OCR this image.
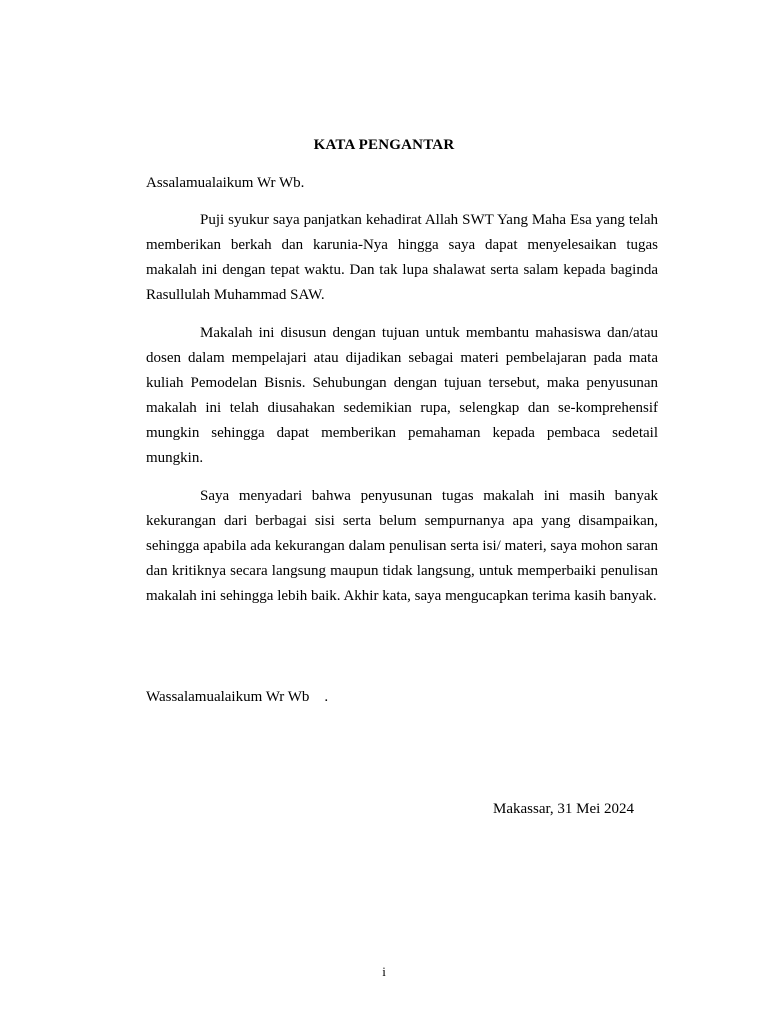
KATA PENGANTAR
Assalamualaikum Wr Wb.

Puji syukur saya panjatkan kehadirat Allah SWT Yang Maha Esa yang telah memberikan berkah dan karunia-Nya hingga saya dapat menyelesaikan tugas makalah ini dengan tepat waktu. Dan tak lupa shalawat serta salam kepada baginda Rasullulah Muhammad SAW.

Makalah ini disusun dengan tujuan untuk membantu mahasiswa dan/atau dosen dalam mempelajari atau dijadikan sebagai materi pembelajaran pada mata kuliah Pemodelan Bisnis. Sehubungan dengan tujuan tersebut, maka penyusunan makalah ini telah diusahakan sedemikian rupa, selengkap dan se-komprehensif mungkin sehingga dapat memberikan pemahaman kepada pembaca sedetail mungkin.

Saya menyadari bahwa penyusunan tugas makalah ini masih banyak kekurangan dari berbagai sisi serta belum sempurnanya apa yang disampaikan, sehingga apabila ada kekurangan dalam penulisan serta isi/ materi, saya mohon saran dan kritiknya secara langsung maupun tidak langsung, untuk memperbaiki penulisan makalah ini sehingga lebih baik. Akhir kata, saya mengucapkan terima kasih banyak.

Wassalamualaikum Wr Wb    .
Makassar, 31 Mei 2024
i
